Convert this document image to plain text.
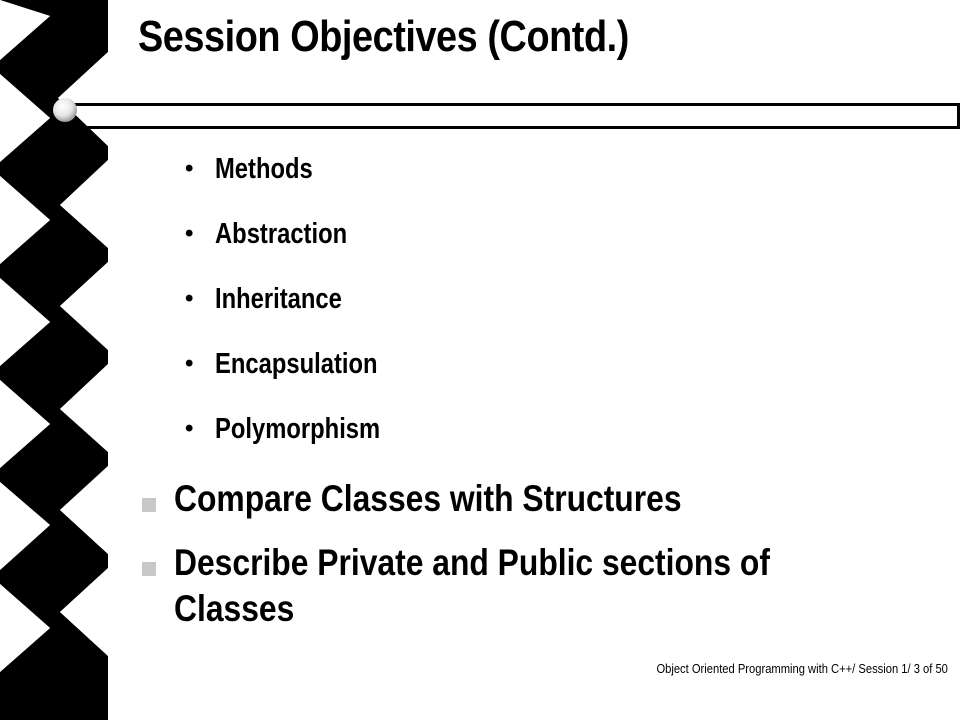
Session Objectives (Contd.)
• Methods
• Abstraction
• Inheritance
• Encapsulation
• Polymorphism
Compare Classes with Structures
Describe Private and Public sections of Classes
Object Oriented Programming with C++/ Session 1/ 3 of 50
